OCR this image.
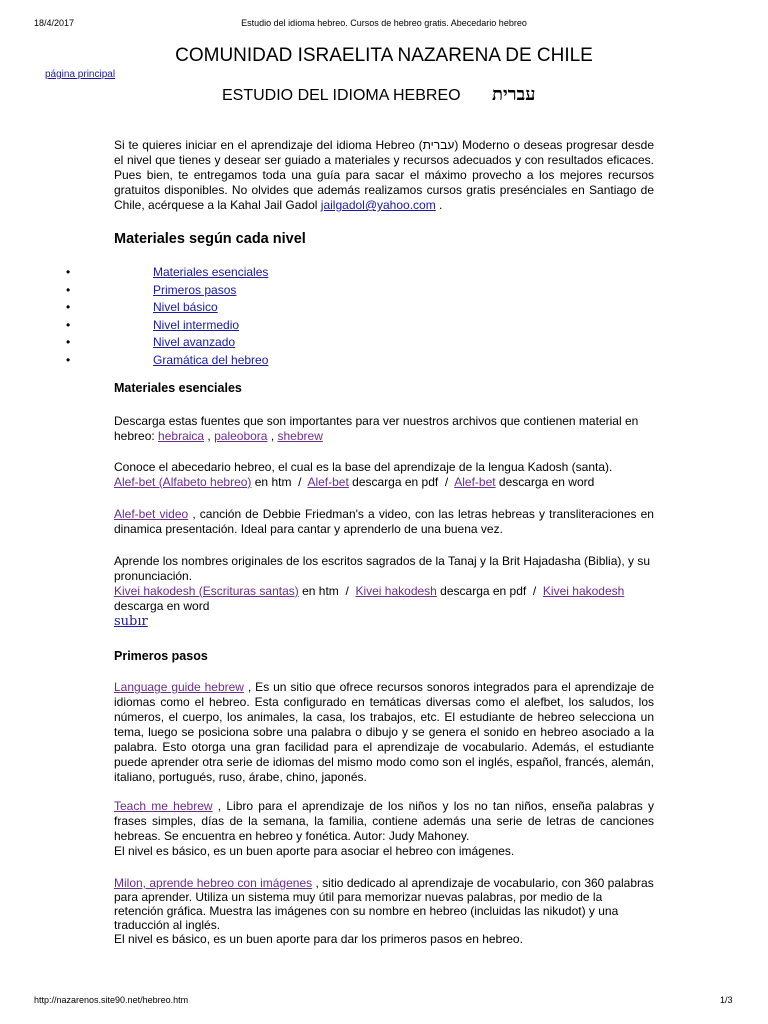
18/4/2017	Estudio del idioma hebreo. Cursos de hebreo gratis. Abecedario hebreo
página principal
COMUNIDAD ISRAELITA NAZARENA DE CHILE
ESTUDIO DEL IDIOMA HEBREO עברית
Si te quieres iniciar en el aprendizaje del idioma Hebreo (עברית) Moderno o deseas progresar desde el nivel que tienes y desear ser guiado a materiales y recursos adecuados y con resultados eficaces. Pues bien, te entregamos toda una guía para sacar el máximo provecho a los mejores recursos gratuitos disponibles. No olvides que además realizamos cursos gratis presénciales en Santiago de Chile, acérquese a la Kahal Jail Gadol jailgadol@yahoo.com .
Materiales según cada nivel
•	Materiales esenciales
•	Primeros pasos
•	Nivel básico
•	Nivel intermedio
•	Nivel avanzado
•	Gramática del hebreo
Materiales esenciales
Descarga estas fuentes que son importantes para ver nuestros archivos que contienen material en hebreo: hebraica , paleobora , shebrew
Conoce el abecedario hebreo, el cual es la base del aprendizaje de la lengua Kadosh (santa).
Alef-bet (Alfabeto hebreo) en htm  /  Alef-bet descarga en pdf  /  Alef-bet descarga en word
Alef-bet video , canción de Debbie Friedman's a video, con las letras hebreas y transliteraciones en dinamica presentación. Ideal para cantar y aprenderlo de una buena vez.
Aprende los nombres originales de los escritos sagrados de la Tanaj y la Brit Hajadasha (Biblia), y su pronunciación.
Kivei hakodesh (Escrituras santas) en htm  /  Kivei hakodesh descarga en pdf  /  Kivei hakodesh
descarga en word
subır
Primeros pasos
Language guide hebrew , Es un sitio que ofrece recursos sonoros integrados para el aprendizaje de idiomas como el hebreo. Esta configurado en temáticas diversas como el alefbet, los saludos, los números, el cuerpo, los animales, la casa, los trabajos, etc. El estudiante de hebreo selecciona un tema, luego se posiciona sobre una palabra o dibujo y se genera el sonido en hebreo asociado a la palabra. Esto otorga una gran facilidad para el aprendizaje de vocabulario. Además, el estudiante puede aprender otra serie de idiomas del mismo modo como son el inglés, español, francés, alemán, italiano, portugués, ruso, árabe, chino, japonés.
Teach me hebrew , Libro para el aprendizaje de los niños y los no tan niños, enseña palabras y frases simples, días de la semana, la familia, contiene además una serie de letras de canciones hebreas. Se encuentra en hebreo y fonética. Autor: Judy Mahoney.
El nivel es básico, es un buen aporte para asociar el hebreo con imágenes.
Milon, aprende hebreo con imágenes , sitio dedicado al aprendizaje de vocabulario, con 360 palabras para aprender. Utiliza un sistema muy útil para memorizar nuevas palabras, por medio de la retención gráfica. Muestra las imágenes con su nombre en hebreo (incluidas las nikudot) y una traducción al inglés.
El nivel es básico, es un buen aporte para dar los primeros pasos en hebreo.
http://nazarenos.site90.net/hebreo.htm	1/3
